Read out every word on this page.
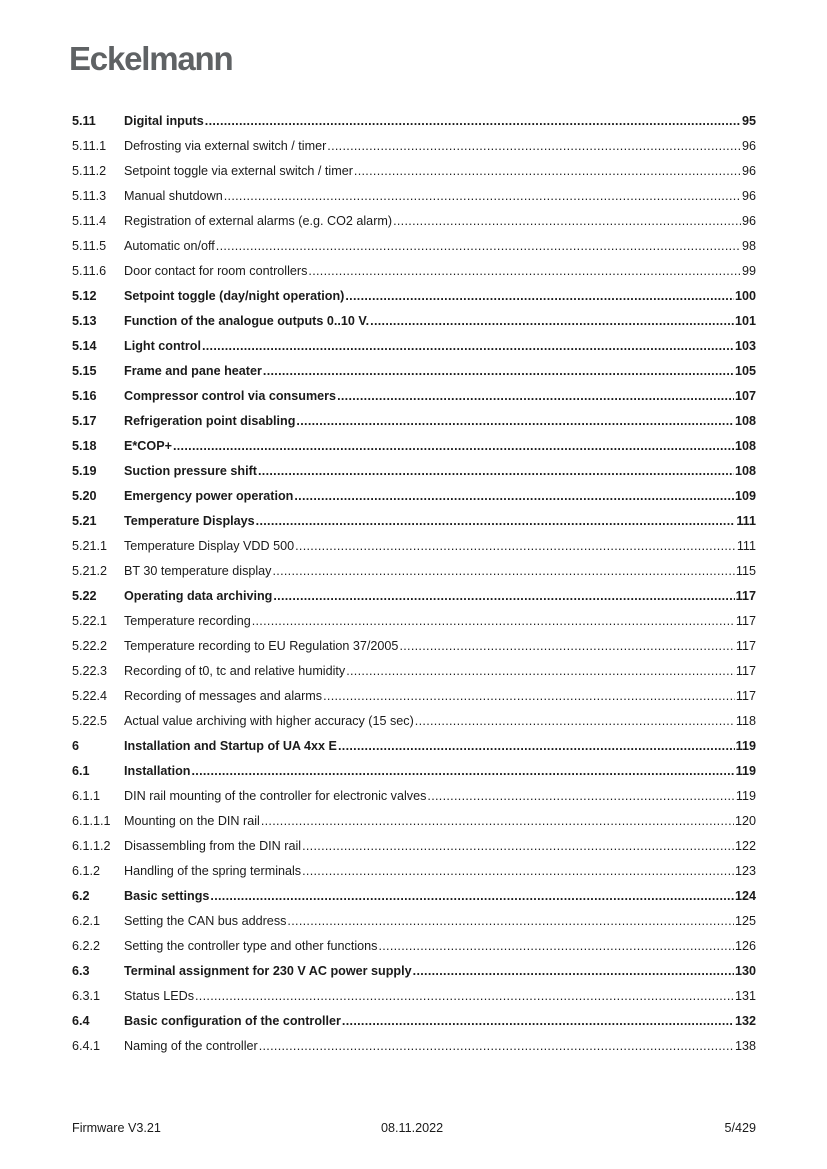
Eckelmann
5.11	Digital inputs .....	95
5.11.1	Defrosting via external switch / timer .....	96
5.11.2	Setpoint toggle via external switch / timer .....	96
5.11.3	Manual shutdown .....	96
5.11.4	Registration of external alarms (e.g. CO2 alarm) .....	96
5.11.5	Automatic on/off .....	98
5.11.6	Door contact for room controllers .....	99
5.12	Setpoint toggle (day/night operation) .....	100
5.13	Function of the analogue outputs 0..10 V. .....	101
5.14	Light control .....	103
5.15	Frame and pane heater .....	105
5.16	Compressor control via consumers .....	107
5.17	Refrigeration point disabling .....	108
5.18	E*COP+ .....	108
5.19	Suction pressure shift .....	108
5.20	Emergency power operation .....	109
5.21	Temperature Displays .....	111
5.21.1	Temperature Display VDD 500 .....	111
5.21.2	BT 30 temperature display .....	115
5.22	Operating data archiving .....	117
5.22.1	Temperature recording .....	117
5.22.2	Temperature recording to EU Regulation 37/2005 .....	117
5.22.3	Recording of t0, tc and relative humidity .....	117
5.22.4	Recording of messages and alarms .....	117
5.22.5	Actual value archiving with higher accuracy (15 sec) .....	118
6	Installation and Startup of UA 4xx E .....	119
6.1	Installation .....	119
6.1.1	DIN rail mounting of the controller for electronic valves .....	119
6.1.1.1	Mounting on the DIN rail .....	120
6.1.1.2	Disassembling from the DIN rail .....	122
6.1.2	Handling of the spring terminals .....	123
6.2	Basic settings .....	124
6.2.1	Setting the CAN bus address .....	125
6.2.2	Setting the controller type and other functions .....	126
6.3	Terminal assignment for 230 V AC power supply .....	130
6.3.1	Status LEDs .....	131
6.4	Basic configuration of the controller .....	132
6.4.1	Naming of the controller .....	138
Firmware V3.21	08.11.2022	5/429
